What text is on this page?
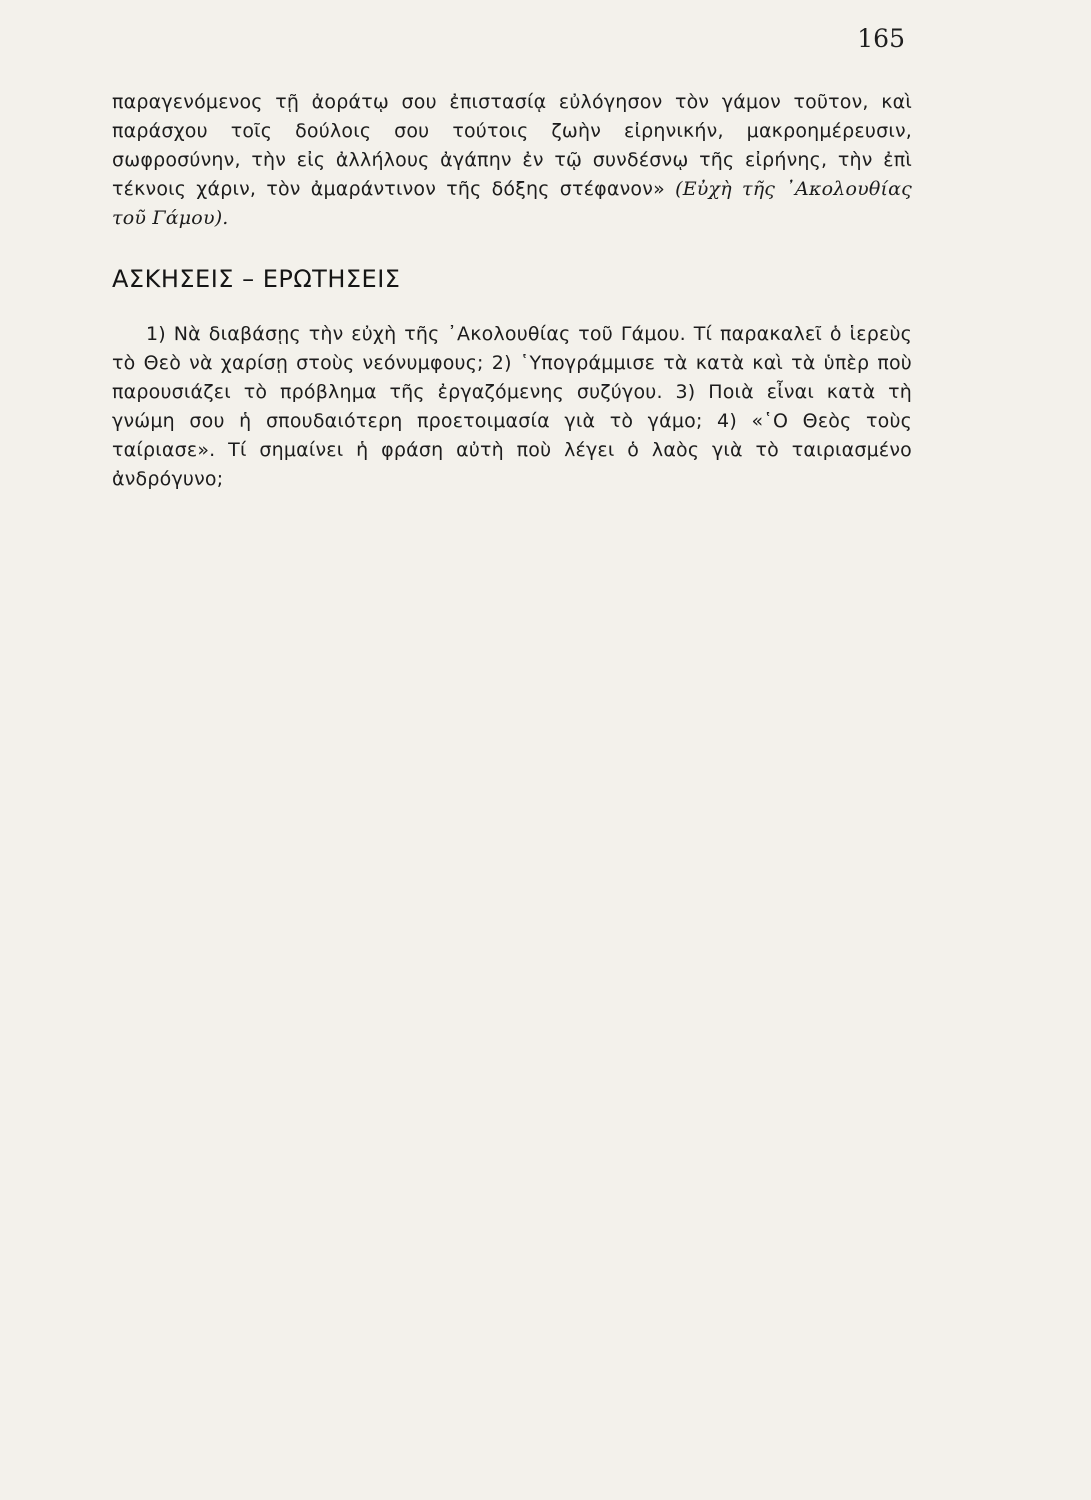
165

παραγενόμενος τῇ ἀοράτῳ σου ἐπιστασίᾳ εὐλόγησον τὸν γάμον τοῦτον, καὶ παράσχου τοῖς δούλοις σου τούτοις ζωὴν εἰρηνικήν, μακροημέρευσιν, σωφροσύνην, τὴν εἰς ἀλλήλους ἀγάπην ἐν τῷ συνδέσνῳ τῆς εἰρήνης, τὴν ἐπὶ τέκνοις χάριν, τὸν ἀμαράντινον τῆς δόξης στέφανον» (Εὐχὴ τῆς ᾿Ακολουθίας τοῦ Γάμου).

ΑΣΚΗΣΕΙΣ – ΕΡΩΤΗΣΕΙΣ

1) Νὰ διαβάσῃς τὴν εὐχὴ τῆς ᾿Ακολουθίας τοῦ Γάμου. Τί παρακαλεῖ ὁ ἱερεὺς τὸ Θεὸ νὰ χαρίσῃ στοὺς νεόνυμφους; 2) ῾Υπογράμμισε τὰ κατὰ καὶ τὰ ὑπὲρ ποὺ παρουσιάζει τὸ πρόβλημα τῆς ἐργαζόμενης συζύγου. 3) Ποιὰ εἶναι κατὰ τὴ γνώμη σου ἡ σπουδαιότερη προετοιμασία γιὰ τὸ γάμο; 4) «῾Ο Θεὸς τοὺς ταίριασε». Τί σημαίνει ἡ φράση αὐτὴ ποὺ λέγει ὁ λαὸς γιὰ τὸ ταιριασμένο ἀνδρόγυνο;
